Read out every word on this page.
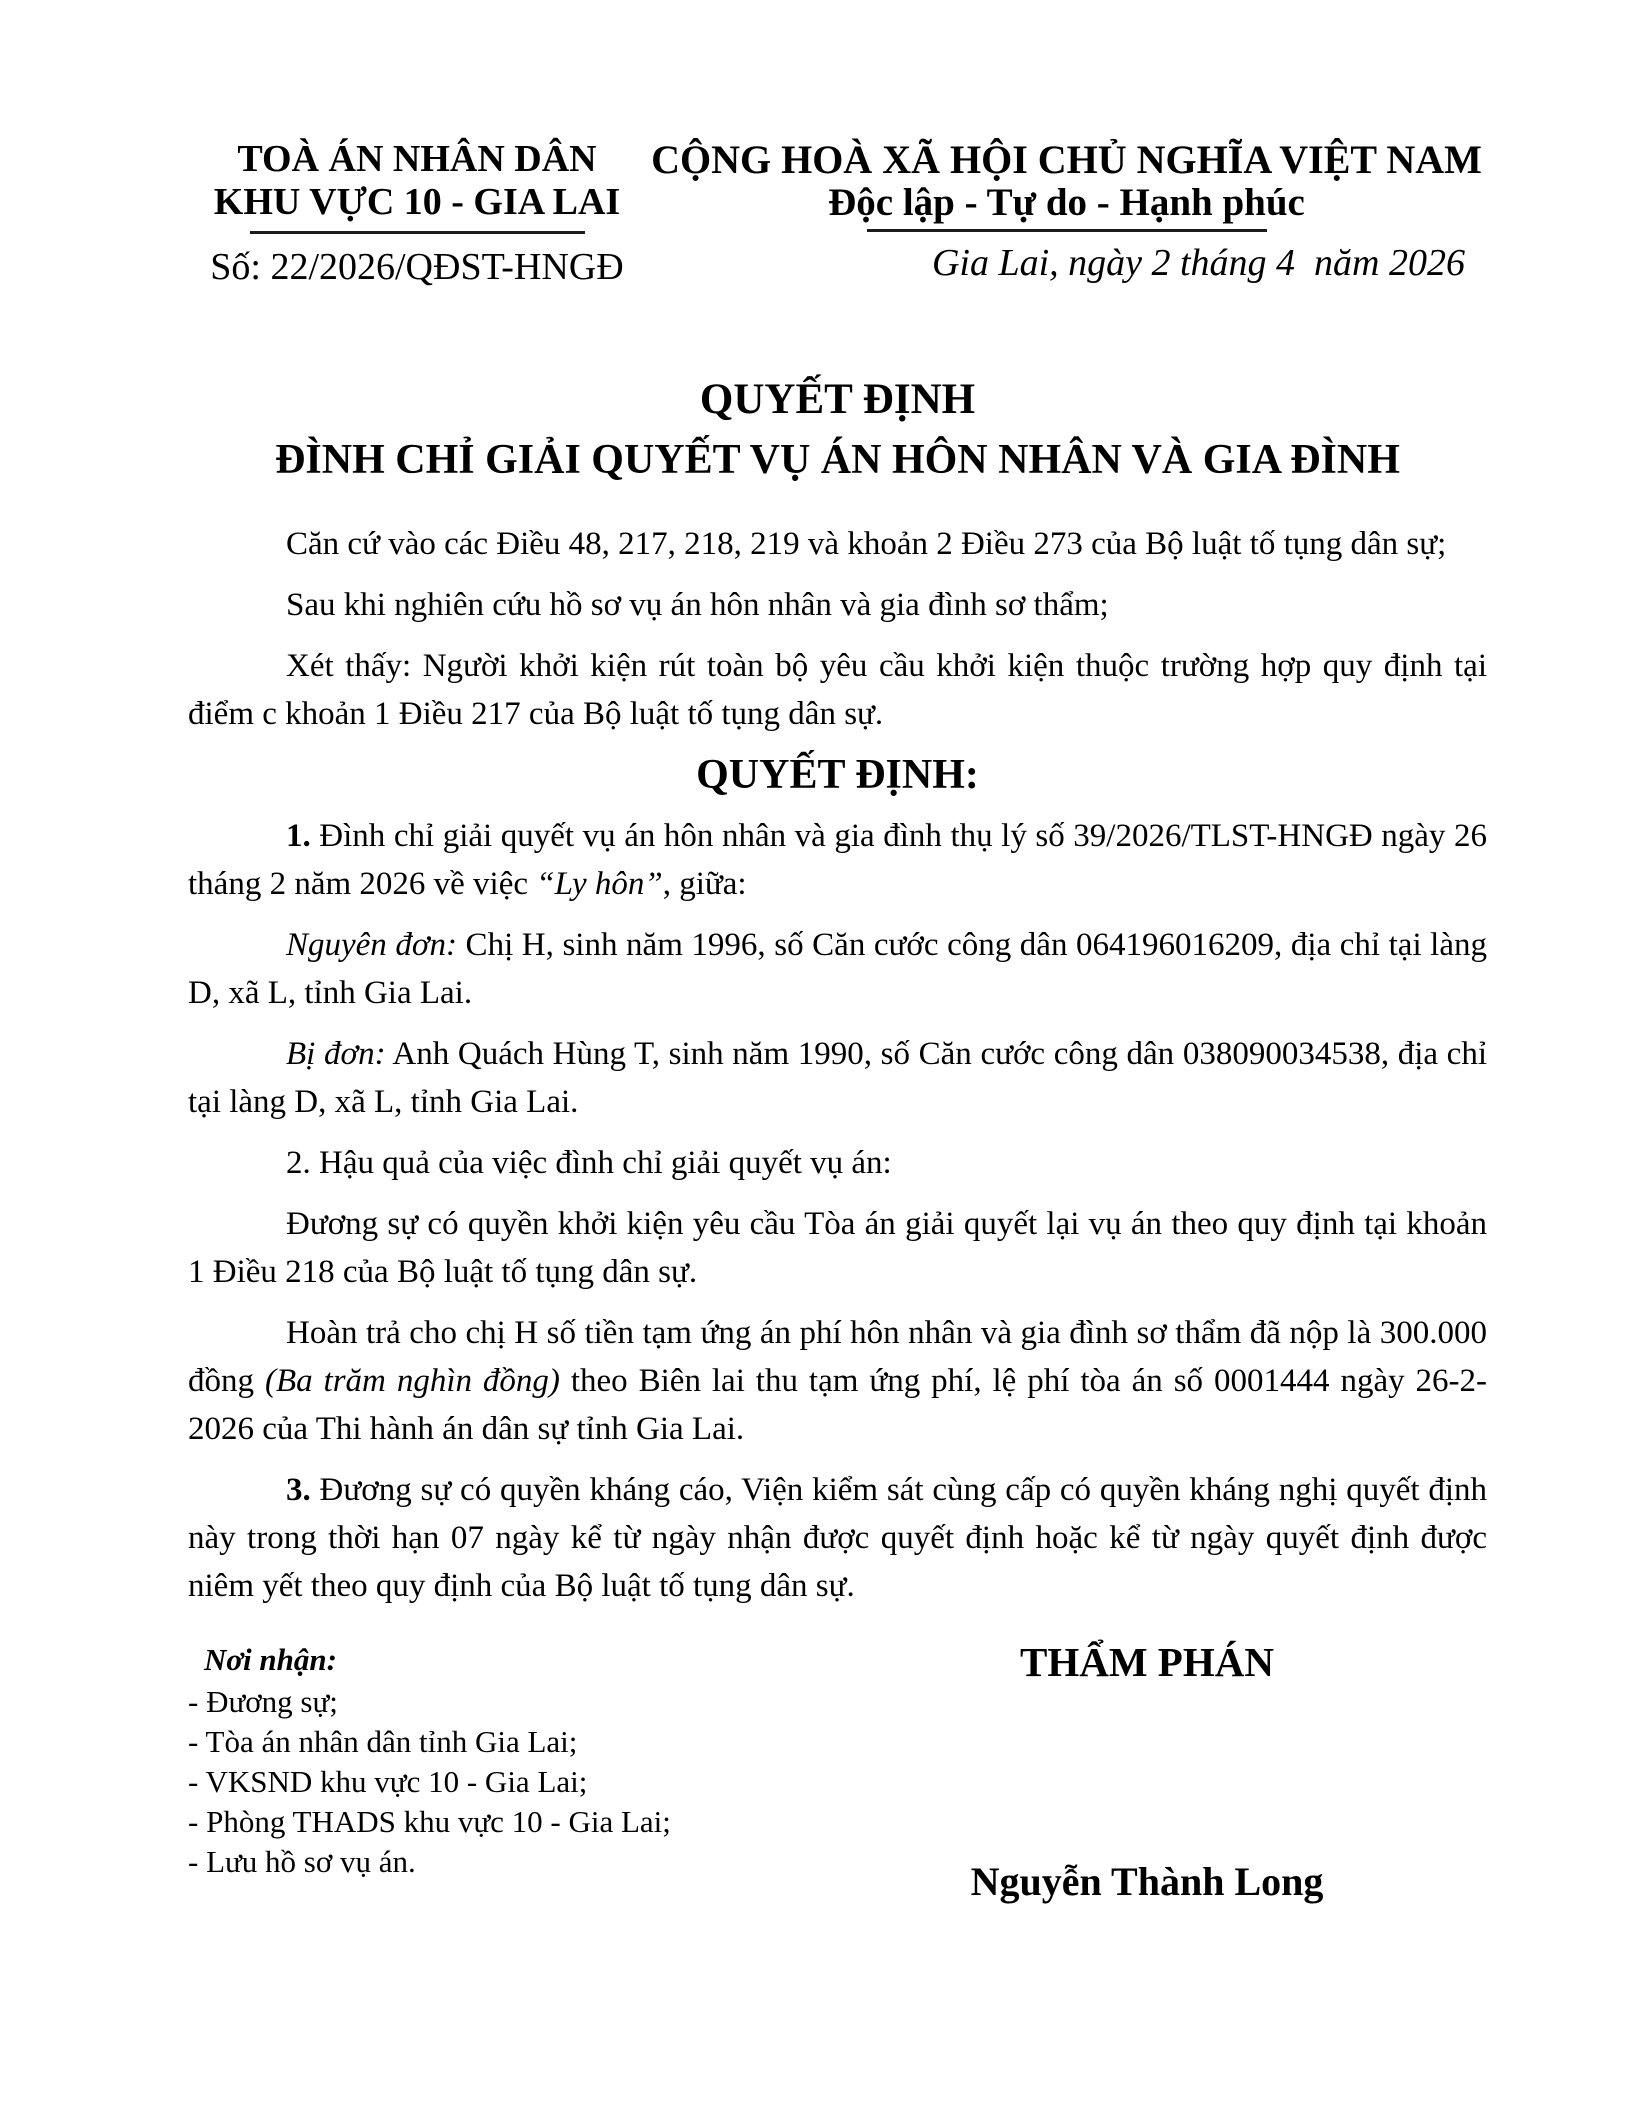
TOÀ ÁN NHÂN DÂN
KHU VỰC 10 - GIA LAI
Số: 22/2026/QĐST-HNGĐ
CỘNG HOÀ XÃ HỘI CHỦ NGHĨA VIỆT NAM
Độc lập - Tự do - Hạnh phúc
Gia Lai, ngày 2 tháng 4  năm 2026
QUYẾT ĐỊNH
ĐÌNH CHỈ GIẢI QUYẾT VỤ ÁN HÔN NHÂN VÀ GIA ĐÌNH

Căn cứ vào các Điều 48, 217, 218, 219 và khoản 2 Điều 273 của Bộ luật tố tụng dân sự;

Sau khi nghiên cứu hồ sơ vụ án hôn nhân và gia đình sơ thẩm;

Xét thấy: Người khởi kiện rút toàn bộ yêu cầu khởi kiện thuộc trường hợp quy định tại điểm c khoản 1 Điều 217 của Bộ luật tố tụng dân sự.

QUYẾT ĐỊNH:

1. Đình chỉ giải quyết vụ án hôn nhân và gia đình thụ lý số 39/2026/TLST-HNGĐ ngày 26 tháng 2 năm 2026 về việc “Ly hôn”, giữa:

Nguyên đơn: Chị H, sinh năm 1996, số Căn cước công dân 064196016209, địa chỉ tại làng D, xã L, tỉnh Gia Lai.

Bị đơn: Anh Quách Hùng T, sinh năm 1990, số Căn cước công dân 038090034538, địa chỉ tại làng D, xã L, tỉnh Gia Lai.

2. Hậu quả của việc đình chỉ giải quyết vụ án:

Đương sự có quyền khởi kiện yêu cầu Tòa án giải quyết lại vụ án theo quy định tại khoản 1 Điều 218 của Bộ luật tố tụng dân sự.

Hoàn trả cho chị H số tiền tạm ứng án phí hôn nhân và gia đình sơ thẩm đã nộp là 300.000 đồng (Ba trăm nghìn đồng) theo Biên lai thu tạm ứng phí, lệ phí tòa án số 0001444 ngày 26-2-2026 của Thi hành án dân sự tỉnh Gia Lai.

3. Đương sự có quyền kháng cáo, Viện kiểm sát cùng cấp có quyền kháng nghị quyết định này trong thời hạn 07 ngày kể từ ngày nhận được quyết định hoặc kể từ ngày quyết định được niêm yết theo quy định của Bộ luật tố tụng dân sự.

Nơi nhận:
- Đương sự;
- Tòa án nhân dân tỉnh Gia Lai;
- VKSND khu vực 10 - Gia Lai;
- Phòng THADS khu vực 10 - Gia Lai;
- Lưu hồ sơ vụ án.
THẨM PHÁN
Nguyễn Thành Long
